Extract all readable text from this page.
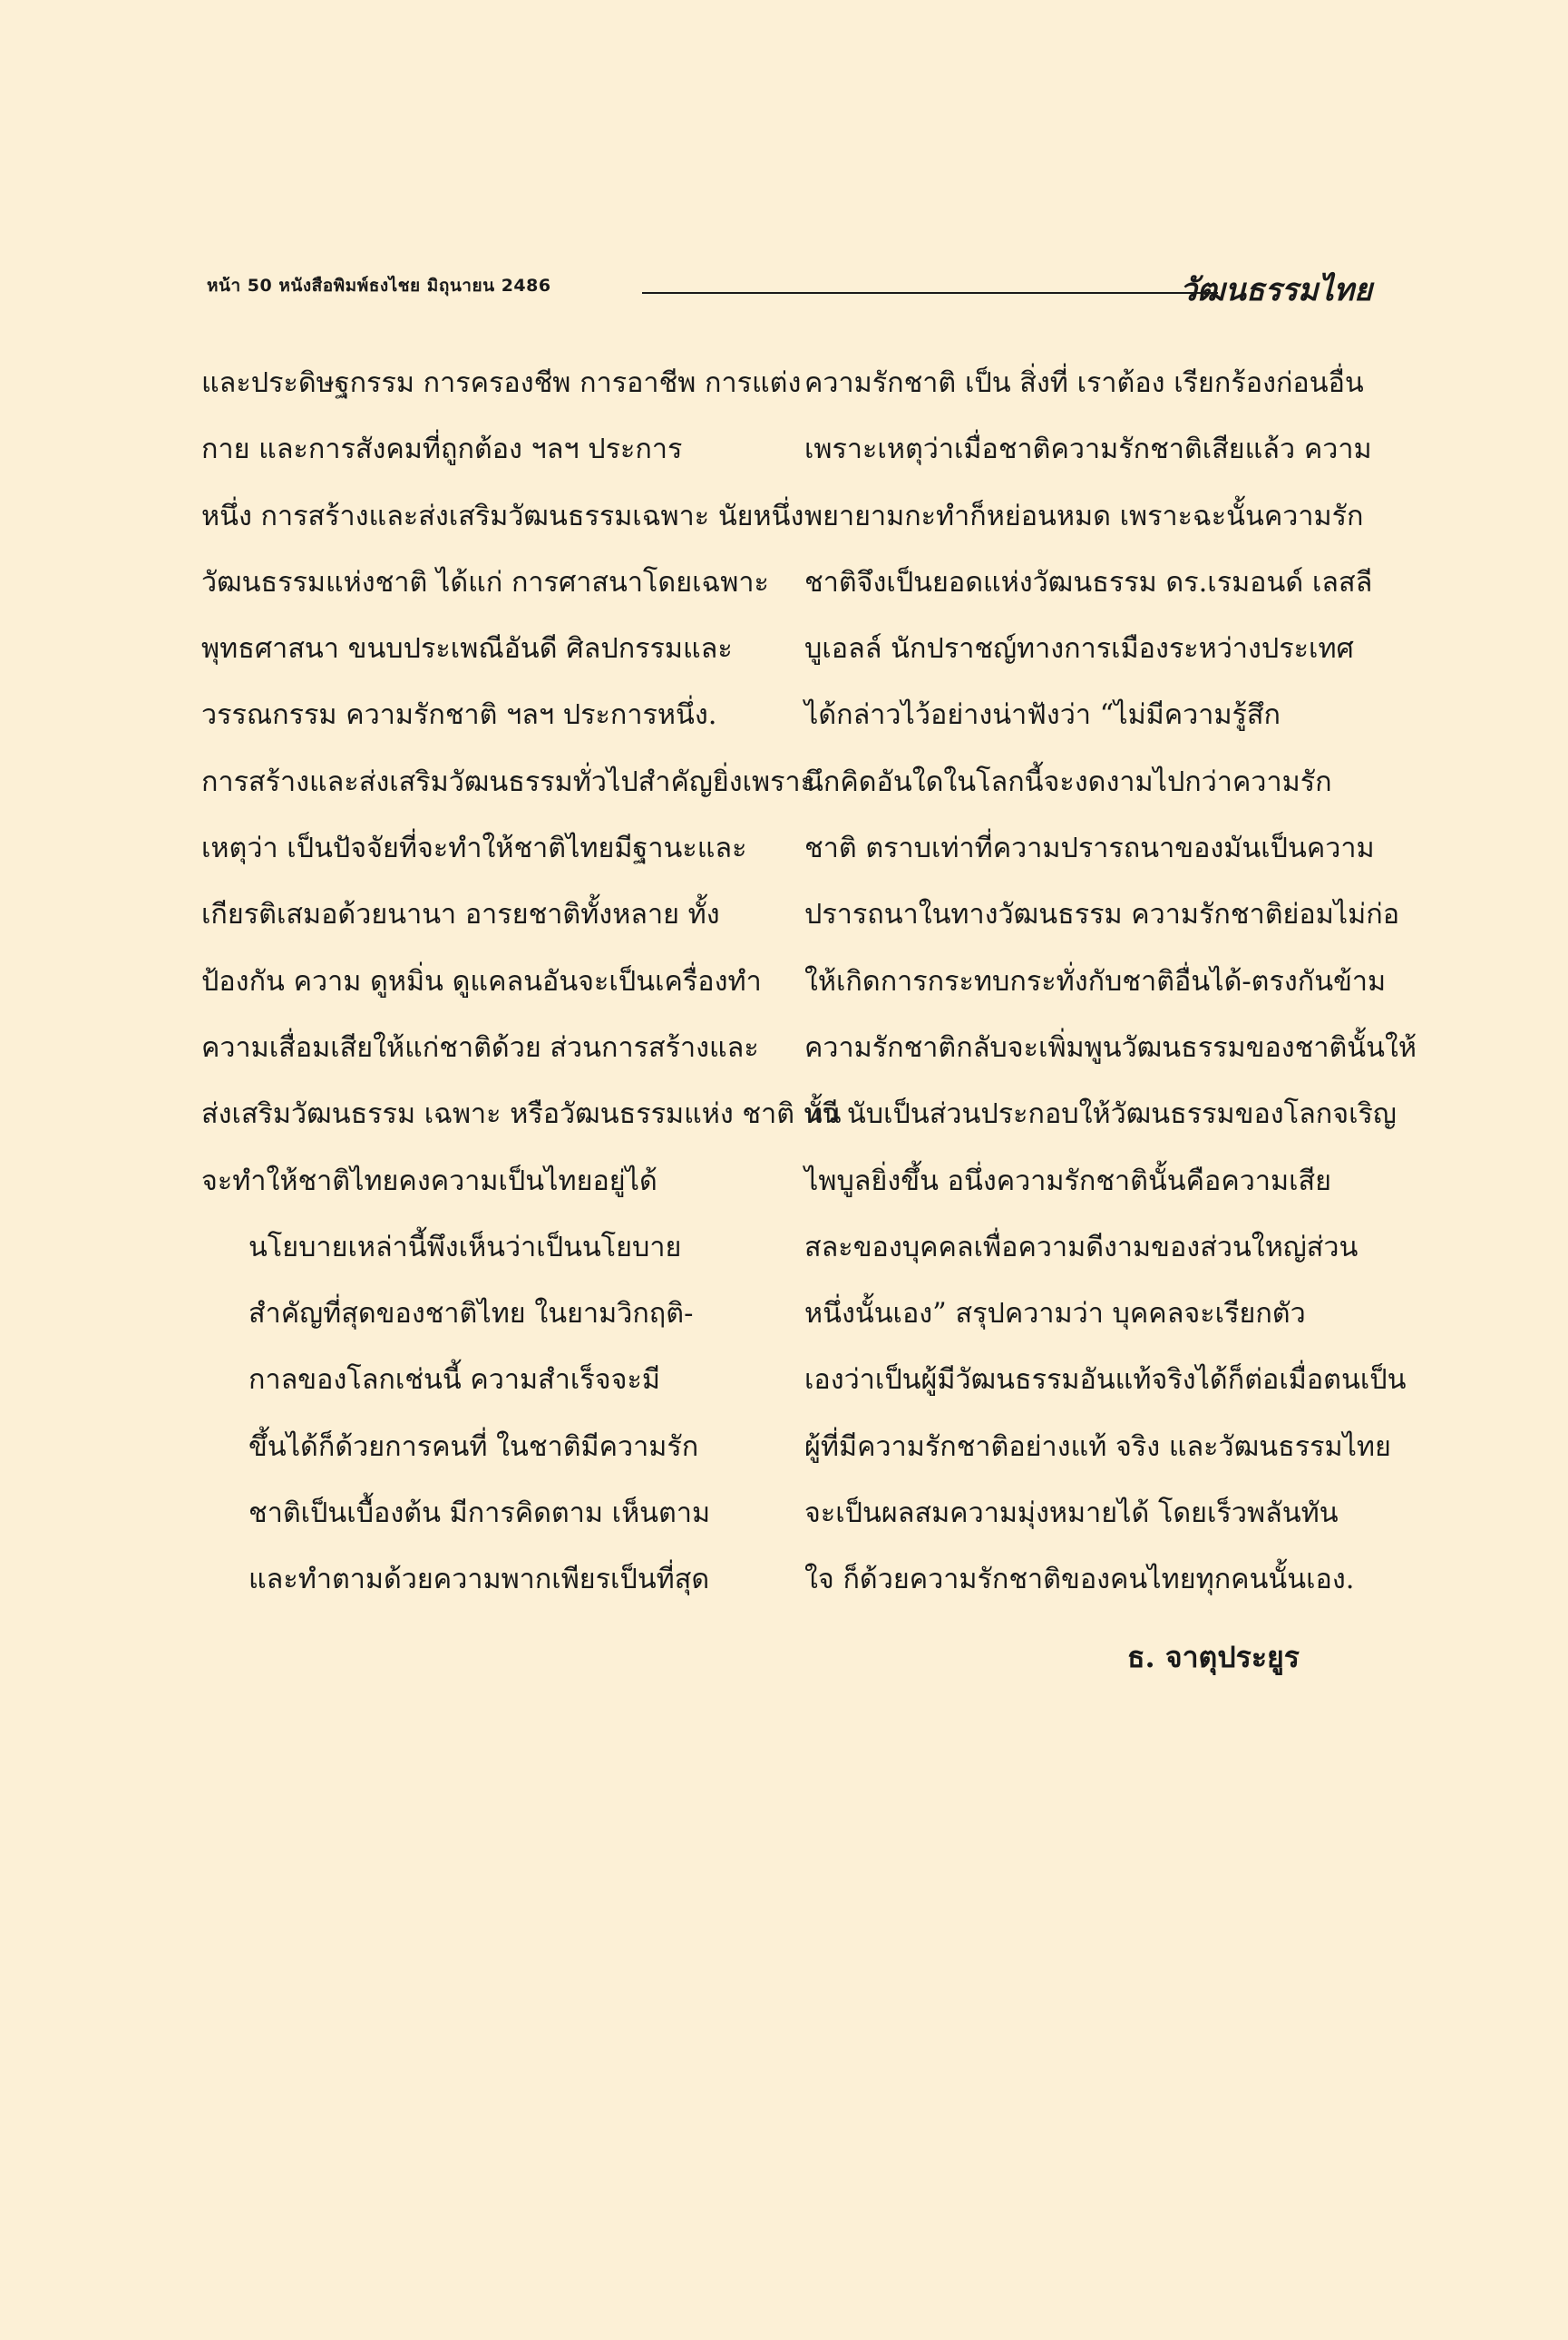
หน้า 50 หนังสือพิมพ์ธงไชย มิถุนายน 2486	วัฒนธรรมไทย
และประดิษฐกรรม การครองชีพ การอาชีพ การแต่ง
กาย และการสังคมที่ถูกต้อง ฯลฯ ประการ
หนึ่ง การสร้างและส่งเสริมวัฒนธรรมเฉพาะ นัยหนึ่ง
วัฒนธรรมแห่งชาติ ได้แก่ การศาสนาโดยเฉพาะ
พุทธศาสนา ขนบประเพณีอันดี ศิลปกรรมและ
วรรณกรรม ความรักชาติ ฯลฯ ประการหนึ่ง.
การสร้างและส่งเสริมวัฒนธรรมทั่วไปสำคัญยิ่งเพราะ
เหตุว่า เป็นปัจจัยที่จะทำให้ชาติไทยมีฐานะและ
เกียรติเสมอด้วยนานา อารยชาติทั้งหลาย ทั้ง
ป้องกัน ความ ดูหมิ่น ดูแคลนอันจะเป็นเครื่องทำ
ความเสื่อมเสียให้แก่ชาติด้วย ส่วนการสร้างและ
ส่งเสริมวัฒนธรรม เฉพาะ หรือวัฒนธรรมแห่ง ชาติ นั้น
จะทำให้ชาติไทยคงความเป็นไทยอยู่ได้
นโยบายเหล่านี้พึงเห็นว่าเป็นนโยบาย
สำคัญที่สุดของชาติไทย ในยามวิกฤติ-
กาลของโลกเช่นนี้ ความสำเร็จจะมี
ขึ้นได้ก็ด้วยการคนที่ ในชาติมีความรัก
ชาติเป็นเบื้องต้น มีการคิดตาม เห็นตาม
และทำตามด้วยความพากเพียรเป็นที่สุด
ความรักชาติ เป็น สิ่งที่ เราต้อง เรียกร้องก่อนอื่น
เพราะเหตุว่าเมื่อชาติความรักชาติเสียแล้ว ความ
พยายามกะทำก็หย่อนหมด เพราะฉะนั้นความรัก
ชาติจึงเป็นยอดแห่งวัฒนธรรม ดร.เรมอนด์ เลสลี
บูเอลล์ นักปราชญ์ทางการเมืองระหว่างประเทศ
ได้กล่าวไว้อย่างน่าฟังว่า “ไม่มีความรู้สึก
นึกคิดอันใดในโลกนี้จะงดงามไปกว่าความรัก
ชาติ ตราบเท่าที่ความปรารถนาของมันเป็นความ
ปรารถนาในทางวัฒนธรรม ความรักชาติย่อมไม่ก่อ
ให้เกิดการกระทบกระทั่งกับชาติอื่นได้-ตรงกันข้าม
ความรักชาติกลับจะเพิ่มพูนวัฒนธรรมของชาตินั้นให้
ทวี นับเป็นส่วนประกอบให้วัฒนธรรมของโลกจเริญ
ไพบูลยิ่งขึ้น อนึ่งความรักชาตินั้นคือความเสีย
สละของบุคคลเพื่อความดีงามของส่วนใหญ่ส่วน
หนึ่งนั้นเอง” สรุปความว่า บุคคลจะเรียกตัว
เองว่าเป็นผู้มีวัฒนธรรมอันแท้จริงได้ก็ต่อเมื่อตนเป็น
ผู้ที่มีความรักชาติอย่างแท้ จริง และวัฒนธรรมไทย
จะเป็นผลสมความมุ่งหมายได้ โดยเร็วพลันทัน
ใจ ก็ด้วยความรักชาติของคนไทยทุกคนนั้นเอง.
ธ. จาตุประยูร
